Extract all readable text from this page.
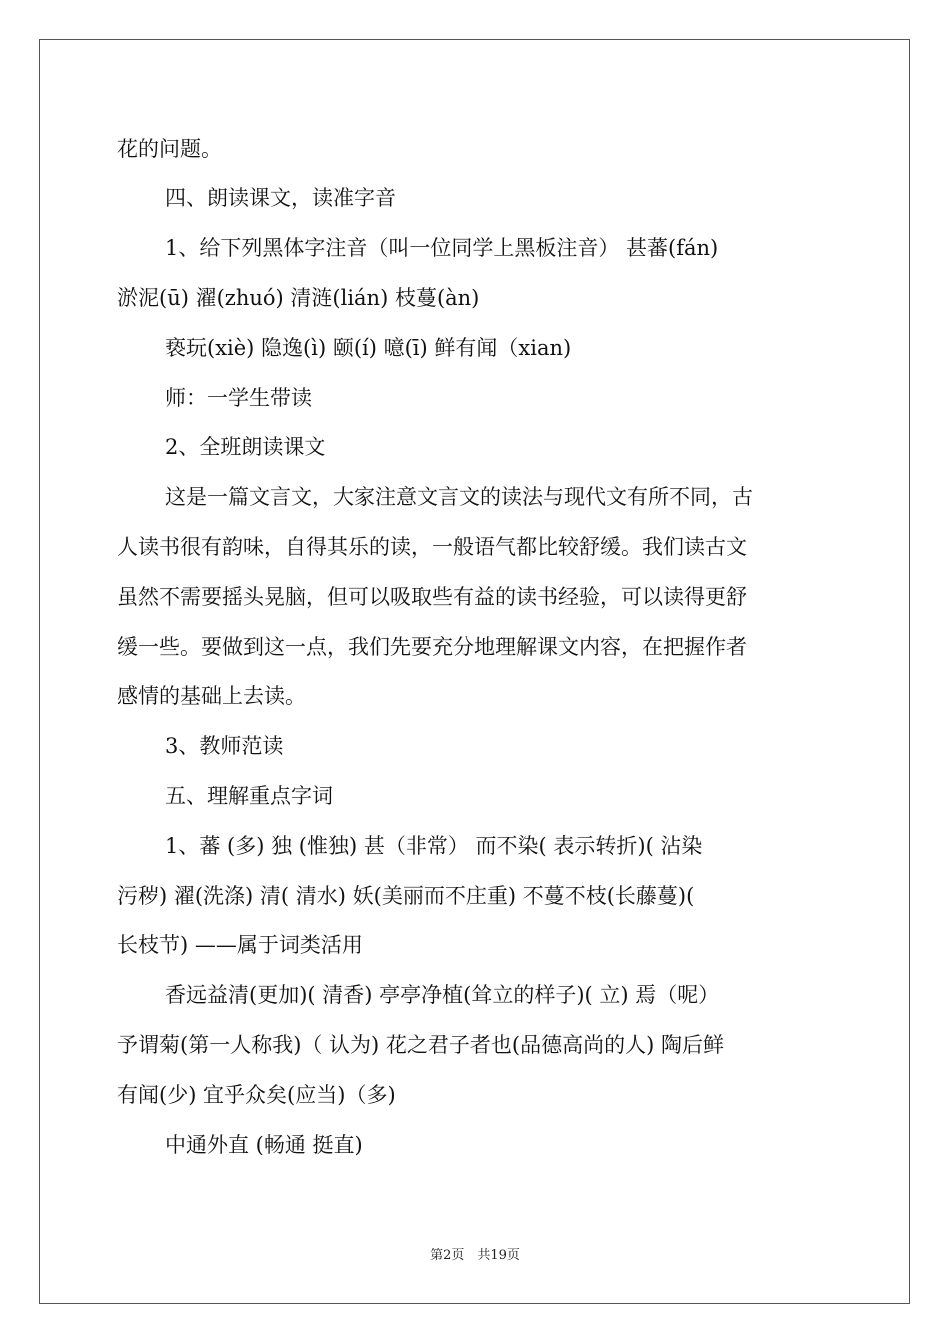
花的问题。
四、朗读课文，读准字音
1、给下列黑体字注音（叫一位同学上黑板注音） 甚蕃(fán)
淤泥(ū) 濯(zhuó) 清涟(lián) 枝蔓(àn)
亵玩(xiè) 隐逸(ì) 颐(í) 噫(ī) 鲜有闻（xian)
师：一学生带读
2、全班朗读课文
这是一篇文言文，大家注意文言文的读法与现代文有所不同，古
人读书很有韵味，自得其乐的读，一般语气都比较舒缓。我们读古文
虽然不需要摇头晃脑，但可以吸取些有益的读书经验，可以读得更舒
缓一些。要做到这一点，我们先要充分地理解课文内容，在把握作者
感情的基础上去读。
3、教师范读
五、理解重点字词
1、蕃 (多) 独 (惟独) 甚（非常） 而不染( 表示转折)( 沾染
污秽) 濯(洗涤) 清( 清水) 妖(美丽而不庄重) 不蔓不枝(长藤蔓)(
长枝节) ——属于词类活用
香远益清(更加)( 清香) 亭亭净植(耸立的样子)( 立) 焉（呢）
予谓菊(第一人称我)（ 认为) 花之君子者也(品德高尚的人) 陶后鲜
有闻(少) 宜乎众矣(应当)（多)
中通外直 (畅通 挺直)
第2页　共19页
